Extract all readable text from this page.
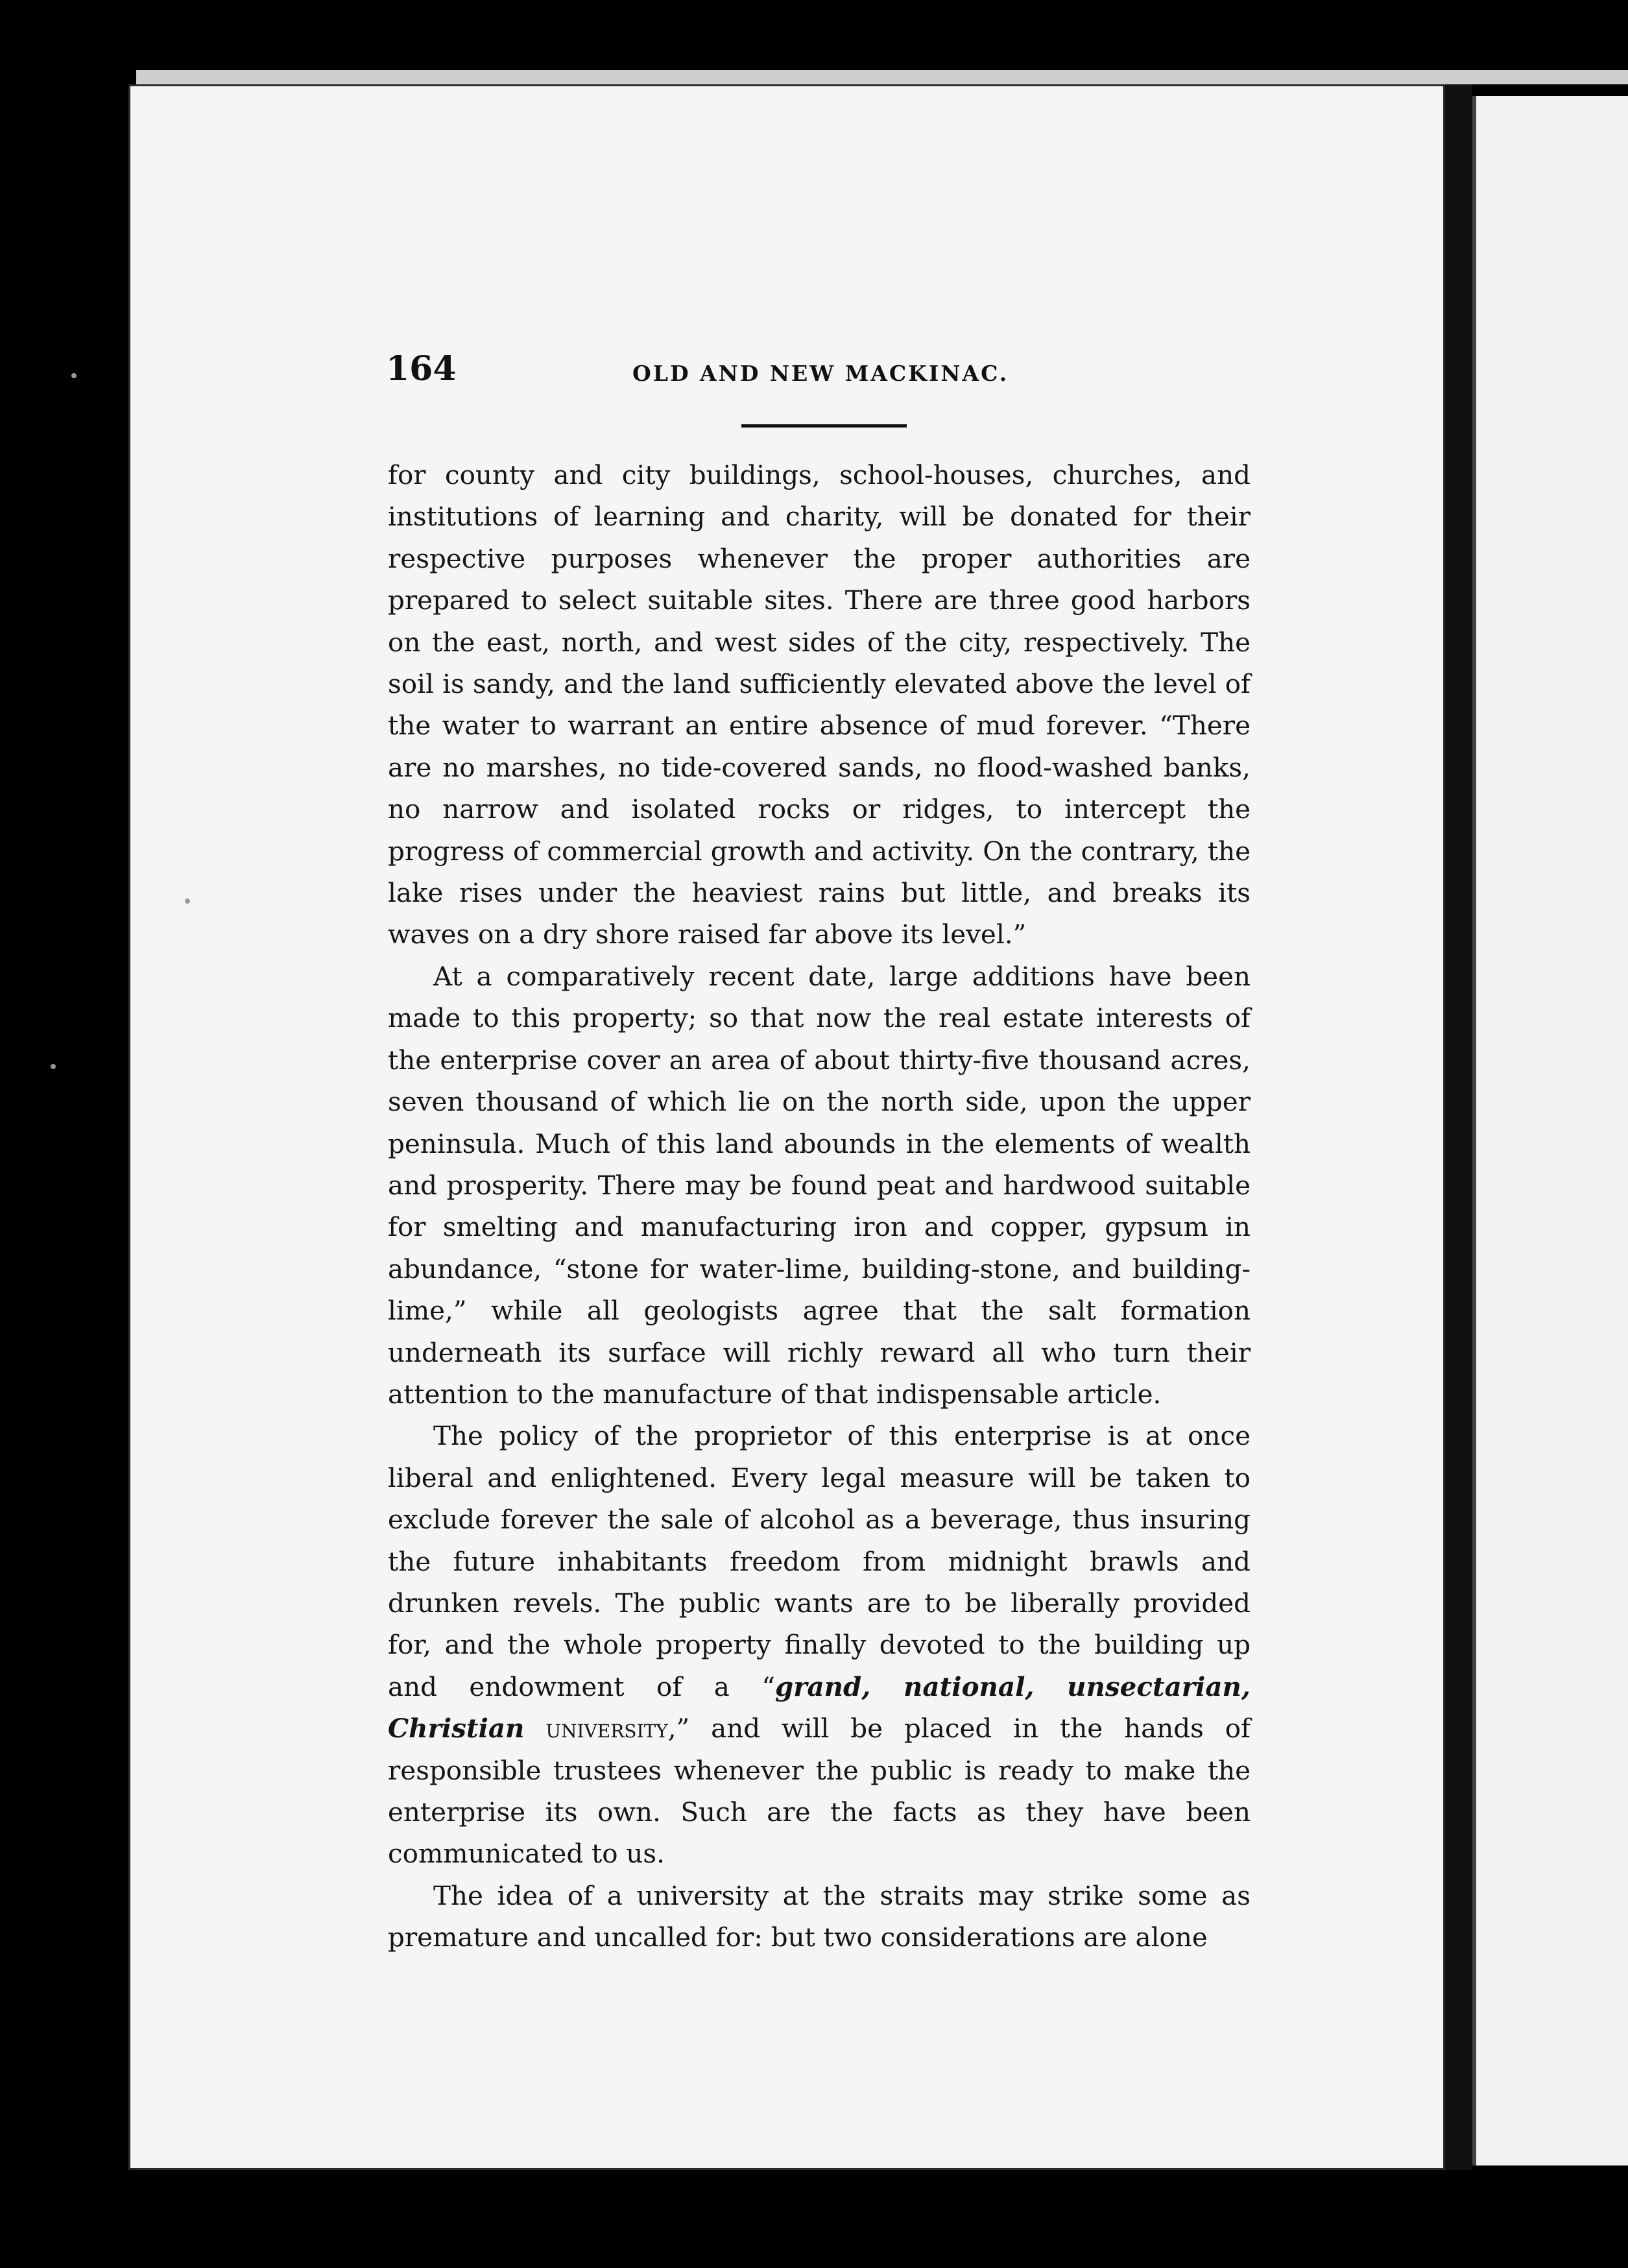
164	OLD AND NEW MACKINAC.

for county and city buildings, school-houses, churches, and institutions of learning and charity, will be donated for their respective purposes whenever the proper authorities are prepared to select suitable sites. There are three good harbors on the east, north, and west sides of the city, respectively. The soil is sandy, and the land sufficiently elevated above the level of the water to warrant an entire absence of mud forever. “There are no marshes, no tide-covered sands, no flood-washed banks, no narrow and isolated rocks or ridges, to intercept the progress of commercial growth and activity. On the contrary, the lake rises under the heaviest rains but little, and breaks its waves on a dry shore raised far above its level.”

At a comparatively recent date, large additions have been made to this property; so that now the real estate interests of the enterprise cover an area of about thirty-five thousand acres, seven thousand of which lie on the north side, upon the upper peninsula. Much of this land abounds in the elements of wealth and prosperity. There may be found peat and hardwood suitable for smelting and manufacturing iron and copper, gypsum in abundance, “stone for water-lime, building-stone, and building-lime,” while all geologists agree that the salt formation underneath its surface will richly reward all who turn their attention to the manufacture of that indispensable article.

The policy of the proprietor of this enterprise is at once liberal and enlightened. Every legal measure will be taken to exclude forever the sale of alcohol as a beverage, thus insuring the future inhabitants freedom from midnight brawls and drunken revels. The public wants are to be liberally provided for, and the whole property finally devoted to the building up and endowment of a “grand, national, unsectarian, Christian university,” and will be placed in the hands of responsible trustees whenever the public is ready to make the enterprise its own. Such are the facts as they have been communicated to us.

The idea of a university at the straits may strike some as premature and uncalled for: but two considerations are alone
